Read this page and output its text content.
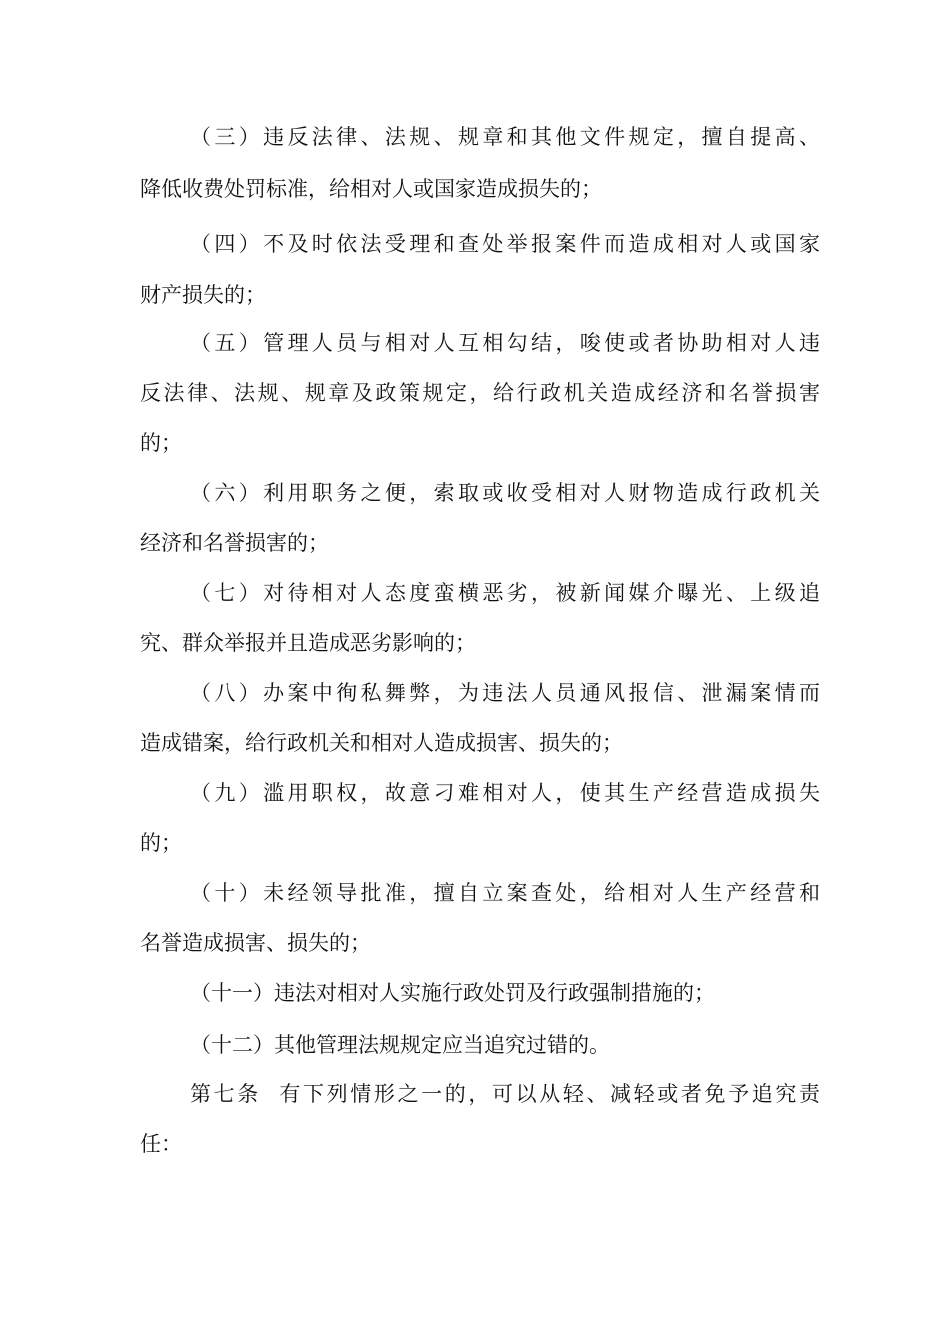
（三）违反法律、法规、规章和其他文件规定，擅自提高、
降低收费处罚标准，给相对人或国家造成损失的；
（四）不及时依法受理和查处举报案件而造成相对人或国家
财产损失的；
（五）管理人员与相对人互相勾结，唆使或者协助相对人违
反法律、法规、规章及政策规定，给行政机关造成经济和名誉损害
的；
（六）利用职务之便，索取或收受相对人财物造成行政机关
经济和名誉损害的；
（七）对待相对人态度蛮横恶劣，被新闻媒介曝光、上级追
究、群众举报并且造成恶劣影响的；
（八）办案中徇私舞弊，为违法人员通风报信、泄漏案情而
造成错案，给行政机关和相对人造成损害、损失的；
（九）滥用职权，故意刁难相对人，使其生产经营造成损失
的；
（十）未经领导批准，擅自立案查处，给相对人生产经营和
名誉造成损害、损失的；
（十一）违法对相对人实施行政处罚及行政强制措施的；
（十二）其他管理法规规定应当追究过错的。
第七条  有下列情形之一的，可以从轻、减轻或者免予追究责
任：
